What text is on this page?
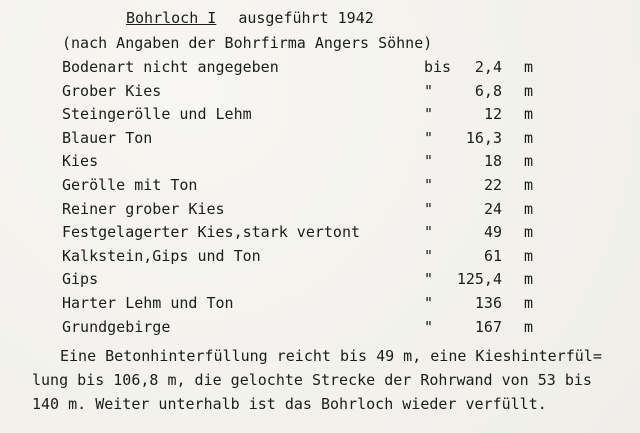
Bohrloch I ausgeführt 1942
(nach Angaben der Bohrfirma Angers Söhne)
Bodenart nicht angegeben	bis	2,4 m
Grober Kies	"	6,8 m
Steingerölle und Lehm	"	12 m
Blauer Ton	"	16,3 m
Kies	"	18 m
Gerölle mit Ton	"	22 m
Reiner grober Kies	"	24 m
Festgelagerter Kies,stark vertont	"	49 m
Kalkstein,Gips und Ton	"	61 m
Gips	"	125,4 m
Harter Lehm und Ton	"	136 m
Grundgebirge	"	167 m
Eine Betonhinterfüllung reicht bis 49 m, eine Kieshinterfül=
lung bis 106,8 m, die gelochte Strecke der Rohrwand von 53 bis
140 m. Weiter unterhalb ist das Bohrloch wieder verfüllt.
